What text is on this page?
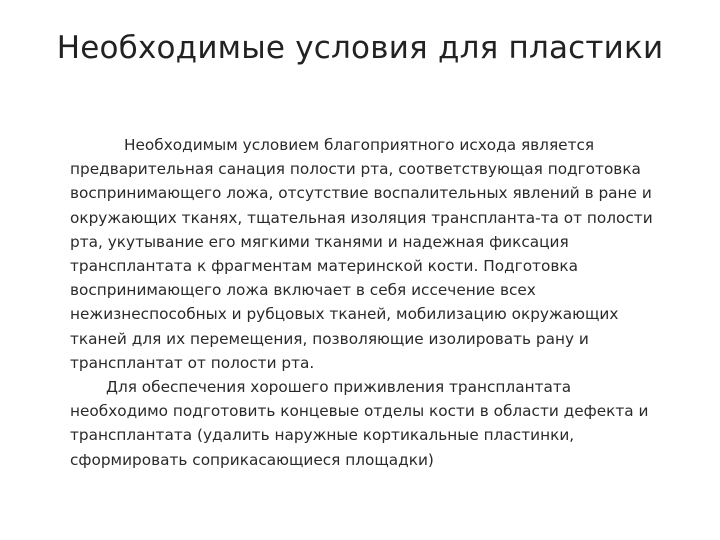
Необходимые условия для пластики

Необходимым условием благоприятного исхода является
предварительная санация полости рта, соответствующая подготовка
воспринимающего ложа, отсутствие воспалительных явлений в ране и
окружающих тканях, тщательная изоляция транспланта-та от полости
рта, укутывание его мягкими тканями и надежная фиксация
трансплантата к фрагментам материнской кости. Подготовка
воспринимающего ложа включает в себя иссечение всех
нежизнеспособных и рубцовых тканей, мобилизацию окружающих
тканей для их перемещения, позволяющие изолировать рану и
трансплантат от полости рта.

Для обеспечения хорошего приживления трансплантата
необходимо подготовить концевые отделы кости в области дефекта и
трансплантата (удалить наружные кортикальные пластинки,
сформировать соприкасающиеся площадки)
